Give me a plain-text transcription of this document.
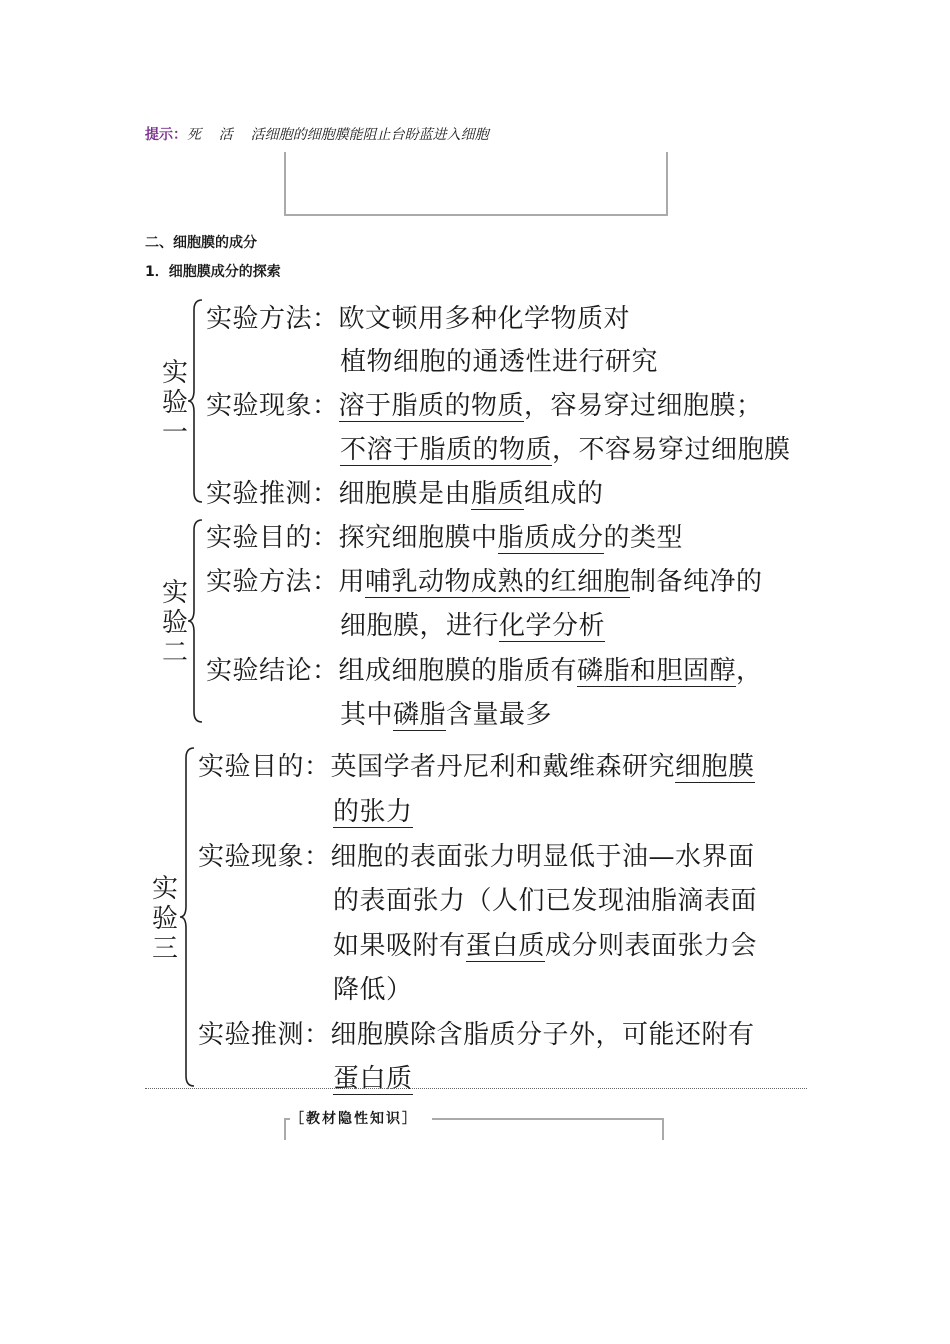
提示：死    活    活细胞的细胞膜能阻止台盼蓝进入细胞
二、细胞膜的成分
1．细胞膜成分的探索
实
验
一
实验方法：欧文顿用多种化学物质对
植物细胞的通透性进行研究
实验现象：溶于脂质的物质，容易穿过细胞膜；
不溶于脂质的物质，不容易穿过细胞膜
实验推测：细胞膜是由脂质组成的
实
验
二
实验目的：探究细胞膜中脂质成分的类型
实验方法：用哺乳动物成熟的红细胞制备纯净的
细胞膜，进行化学分析
实验结论：组成细胞膜的脂质有磷脂和胆固醇，
其中磷脂含量最多
实
验
三
实验目的：英国学者丹尼利和戴维森研究细胞膜
的张力
实验现象：细胞的表面张力明显低于油—水界面
的表面张力（人们已发现油脂滴表面
如果吸附有蛋白质成分则表面张力会
降低）
实验推测：细胞膜除含脂质分子外，可能还附有
蛋白质
［教材隐性知识］
